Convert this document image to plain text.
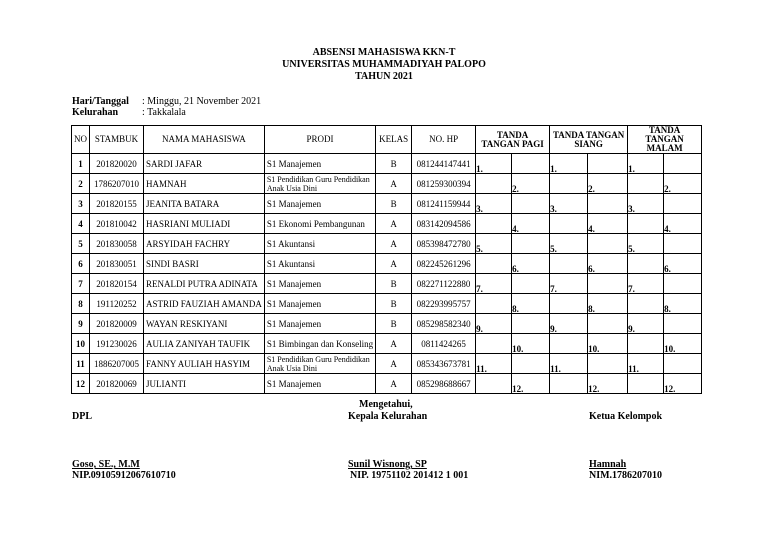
ABSENSI MAHASISWA KKN-T
UNIVERSITAS MUHAMMADIYAH PALOPO
TAHUN 2021
Hari/Tanggal : Minggu, 21 November 2021
Kelurahan : Takkalala
NO	STAMBUK	NAMA MAHASISWA	PRODI	KELAS	NO. HP	TANDA TANGAN PAGI		TANDA TANGAN SIANG		TANDA TANGAN MALAM	
1	201820020	SARDI JAFAR	S1 Manajemen	B	081244147441	1.		1.		1.	

2	1786207010	HAMNAH	S1 Pendidikan Guru Pendidikan Anak Usia Dini	A	081259300394		2.		2.		2.

3	201820155	JEANITA BATARA	S1 Manajemen	B	081241159944	3.		3.		3.	

4	201810042	HASRIANI MULIADI	S1 Ekonomi Pembangunan	A	083142094586		4.		4.		4.

5	201830058	ARSYIDAH FACHRY	S1 Akuntansi	A	085398472780	5.		5.		5.	

6	201830051	SINDI BASRI	S1 Akuntansi	A	082245261296		6.		6.		6.

7	201820154	RENALDI PUTRA ADINATA	S1 Manajemen	B	082271122880	7.		7.		7.	

8	191120252	ASTRID FAUZIAH AMANDA	S1 Manajemen	B	082293995757		8.		8.		8.

9	201820009	WAYAN RESKIYANI	S1 Manajemen	B	085298582340	9.		9.		9.	

10	191230026	AULIA ZANIYAH TAUFIK	S1 Bimbingan dan Konseling	A	0811424265		10.		10.		10.

11	1886207005	FANNY AULIAH HASYIM	S1 Pendidikan Guru Pendidikan Anak Usia Dini	A	085343673781	11.		11.		11.	

12	201820069	JULIANTI	S1 Manajemen	A	085298688667		12.		12.		12.
DPL
Goso, SE., M.M
NIP.09105912067610710
Mengetahui,
Kepala Kelurahan
Sunil Wisnong, SP
NIP. 19751102 201412 1 001
Ketua Kelompok
Hamnah
NIM.1786207010
